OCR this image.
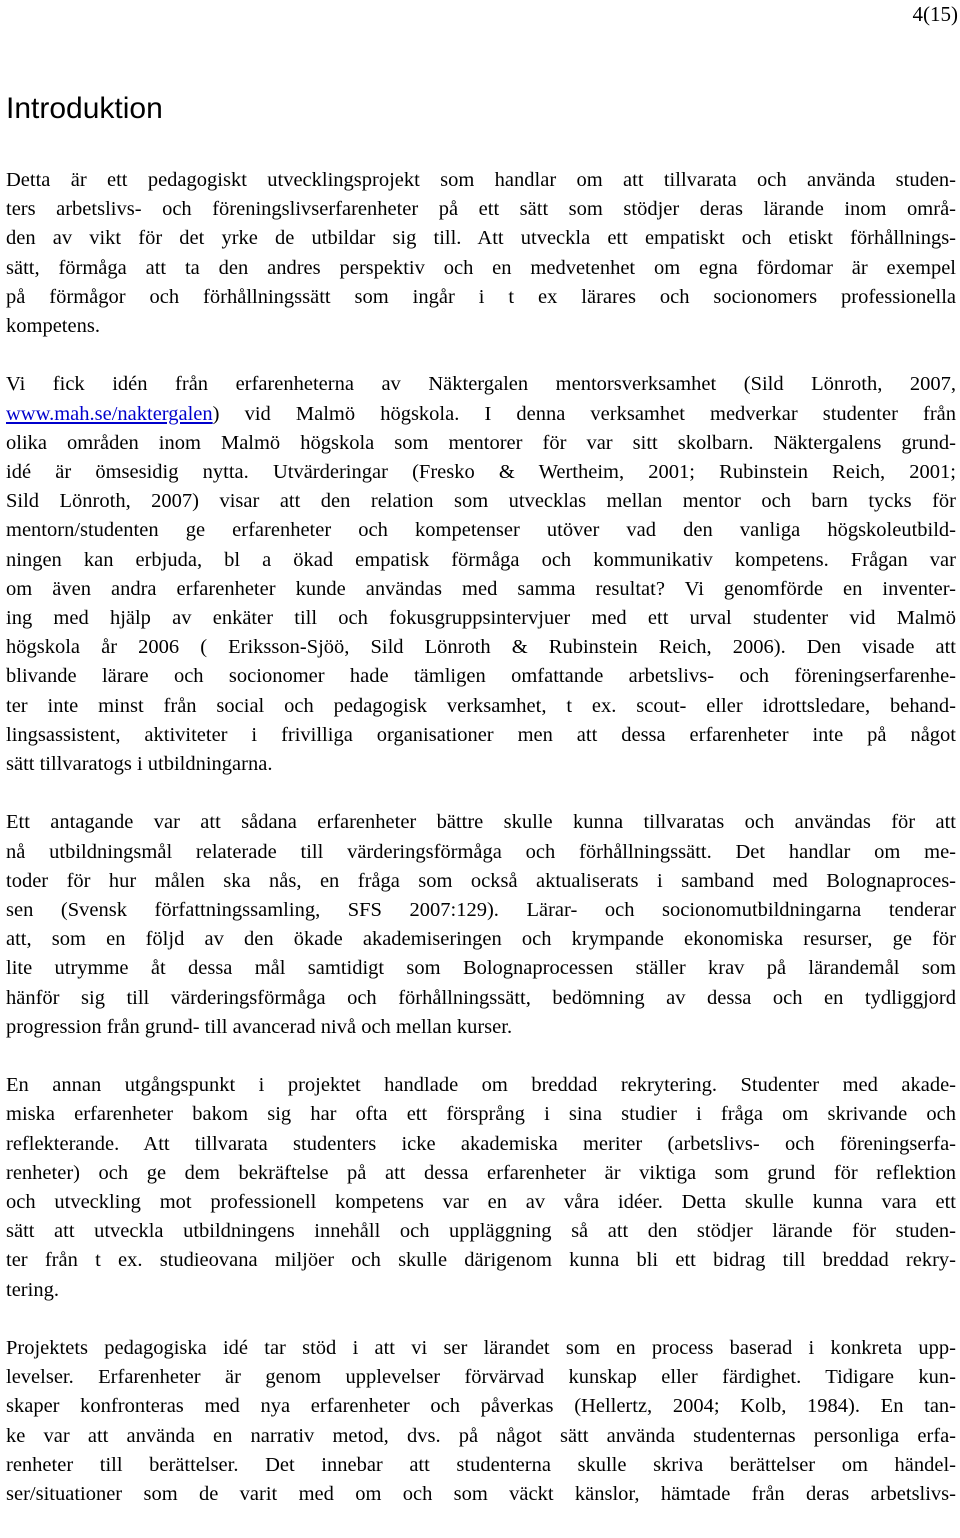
4(15)
Introduktion

Detta är ett pedagogiskt utvecklingsprojekt som handlar om att tillvarata och använda studen-
ters arbetslivs- och föreningslivserfarenheter på ett sätt som stödjer deras lärande inom områ-
den av vikt för det yrke de utbildar sig till. Att utveckla ett empatiskt och etiskt förhållnings-
sätt, förmåga att ta den andres perspektiv och en medvetenhet om egna fördomar är exempel
på förmågor och förhållningssätt som ingår i t ex lärares och socionomers professionella
kompetens.

Vi fick idén från erfarenheterna av Näktergalen mentorsverksamhet (Sild Lönroth, 2007,
www.mah.se/naktergalen) vid Malmö högskola. I denna verksamhet medverkar studenter från
olika områden inom Malmö högskola som mentorer för var sitt skolbarn. Näktergalens grund-
idé är ömsesidig nytta. Utvärderingar (Fresko & Wertheim, 2001; Rubinstein Reich, 2001;
Sild Lönroth, 2007) visar att den relation som utvecklas mellan mentor och barn tycks för
mentorn/studenten ge erfarenheter och kompetenser utöver vad den vanliga högskoleutbild-
ningen kan erbjuda, bl a ökad empatisk förmåga och kommunikativ kompetens. Frågan var
om även andra erfarenheter kunde användas med samma resultat? Vi genomförde en inventer-
ing med hjälp av enkäter till och fokusgruppsintervjuer med ett urval studenter vid Malmö
högskola år 2006 ( Eriksson-Sjöö, Sild Lönroth & Rubinstein Reich, 2006). Den visade att
blivande lärare och socionomer hade tämligen omfattande arbetslivs- och föreningserfarenhe-
ter inte minst från social och pedagogisk verksamhet, t ex. scout- eller idrottsledare, behand-
lingsassistent, aktiviteter i frivilliga organisationer men att dessa erfarenheter inte på något
sätt tillvaratogs i utbildningarna.

Ett antagande var att sådana erfarenheter bättre skulle kunna tillvaratas och användas för att
nå utbildningsmål relaterade till värderingsförmåga och förhållningssätt. Det handlar om me-
toder för hur målen ska nås, en fråga som också aktualiserats i samband med Bolognaproces-
sen (Svensk författningssamling, SFS 2007:129). Lärar- och socionomutbildningarna tenderar
att, som en följd av den ökade akademiseringen och krympande ekonomiska resurser, ge för
lite utrymme åt dessa mål samtidigt som Bolognaprocessen ställer krav på lärandemål som
hänför sig till värderingsförmåga och förhållningssätt, bedömning av dessa och en tydliggjord
progression från grund- till avancerad nivå och mellan kurser.

En annan utgångspunkt i projektet handlade om breddad rekrytering. Studenter med akade-
miska erfarenheter bakom sig har ofta ett försprång i sina studier i fråga om skrivande och
reflekterande. Att tillvarata studenters icke akademiska meriter (arbetslivs- och föreningserfa-
renheter) och ge dem bekräftelse på att dessa erfarenheter är viktiga som grund för reflektion
och utveckling mot professionell kompetens var en av våra idéer. Detta skulle kunna vara ett
sätt att utveckla utbildningens innehåll och uppläggning så att den stödjer lärande för studen-
ter från t ex. studieovana miljöer och skulle därigenom kunna bli ett bidrag till breddad rekry-
tering.

Projektets pedagogiska idé tar stöd i att vi ser lärandet som en process baserad i konkreta upp-
levelser. Erfarenheter är genom upplevelser förvärvad kunskap eller färdighet. Tidigare kun-
skaper konfronteras med nya erfarenheter och påverkas (Hellertz, 2004; Kolb, 1984). En tan-
ke var att använda en narrativ metod, dvs. på något sätt använda studenternas personliga erfa-
renheter till berättelser. Det innebar att studenterna skulle skriva berättelser om händel-
ser/situationer som de varit med om och som väckt känslor, hämtade från deras arbetslivs-
